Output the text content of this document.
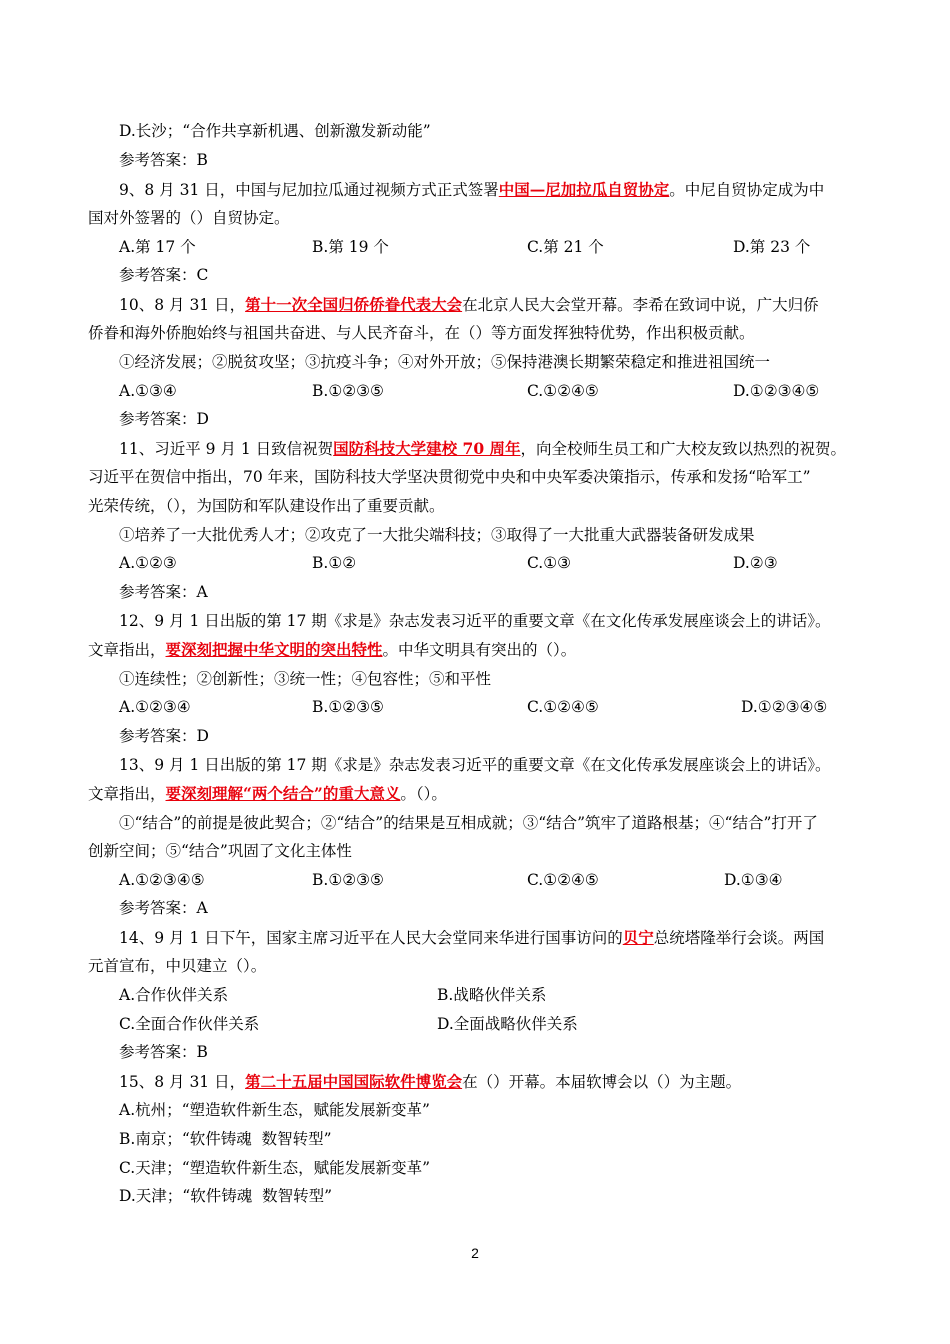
D.长沙；“合作共享新机遇、创新激发新动能”
参考答案：B
9、8 月 31 日，中国与尼加拉瓜通过视频方式正式签署中国—尼加拉瓜自贸协定。中尼自贸协定成为中
国对外签署的（）自贸协定。
A.第 17 个	B.第 19 个	C.第 21 个	D.第 23 个
参考答案：C
10、8 月 31 日，第十一次全国归侨侨眷代表大会在北京人民大会堂开幕。李希在致词中说，广大归侨
侨眷和海外侨胞始终与祖国共奋进、与人民齐奋斗，在（）等方面发挥独特优势，作出积极贡献。
①经济发展；②脱贫攻坚；③抗疫斗争；④对外开放；⑤保持港澳长期繁荣稳定和推进祖国统一
A.①③④	B.①②③⑤	C.①②④⑤	D.①②③④⑤
参考答案：D
11、习近平 9 月 1 日致信祝贺国防科技大学建校 70 周年，向全校师生员工和广大校友致以热烈的祝贺。
习近平在贺信中指出，70 年来，国防科技大学坚决贯彻党中央和中央军委决策指示，传承和发扬“哈军工”
光荣传统，（），为国防和军队建设作出了重要贡献。
①培养了一大批优秀人才；②攻克了一大批尖端科技；③取得了一大批重大武器装备研发成果
A.①②③	B.①②	C.①③	D.②③
参考答案：A
12、9 月 1 日出版的第 17 期《求是》杂志发表习近平的重要文章《在文化传承发展座谈会上的讲话》。
文章指出，要深刻把握中华文明的突出特性。中华文明具有突出的（）。
①连续性；②创新性；③统一性；④包容性；⑤和平性
A.①②③④	B.①②③⑤	C.①②④⑤	D.①②③④⑤
参考答案：D
13、9 月 1 日出版的第 17 期《求是》杂志发表习近平的重要文章《在文化传承发展座谈会上的讲话》。
文章指出，要深刻理解“两个结合”的重大意义。（）。
①“结合”的前提是彼此契合；②“结合”的结果是互相成就；③“结合”筑牢了道路根基；④“结合”打开了
创新空间；⑤“结合”巩固了文化主体性
A.①②③④⑤	B.①②③⑤	C.①②④⑤	D.①③④
参考答案：A
14、9 月 1 日下午，国家主席习近平在人民大会堂同来华进行国事访问的贝宁总统塔隆举行会谈。两国
元首宣布，中贝建立（）。
A.合作伙伴关系	B.战略伙伴关系
C.全面合作伙伴关系	D.全面战略伙伴关系
参考答案：B
15、8 月 31 日，第二十五届中国国际软件博览会在（）开幕。本届软博会以（）为主题。
A.杭州；“塑造软件新生态，赋能发展新变革”
B.南京；“软件铸魂  数智转型”
C.天津；“塑造软件新生态，赋能发展新变革”
D.天津；“软件铸魂  数智转型”
2
